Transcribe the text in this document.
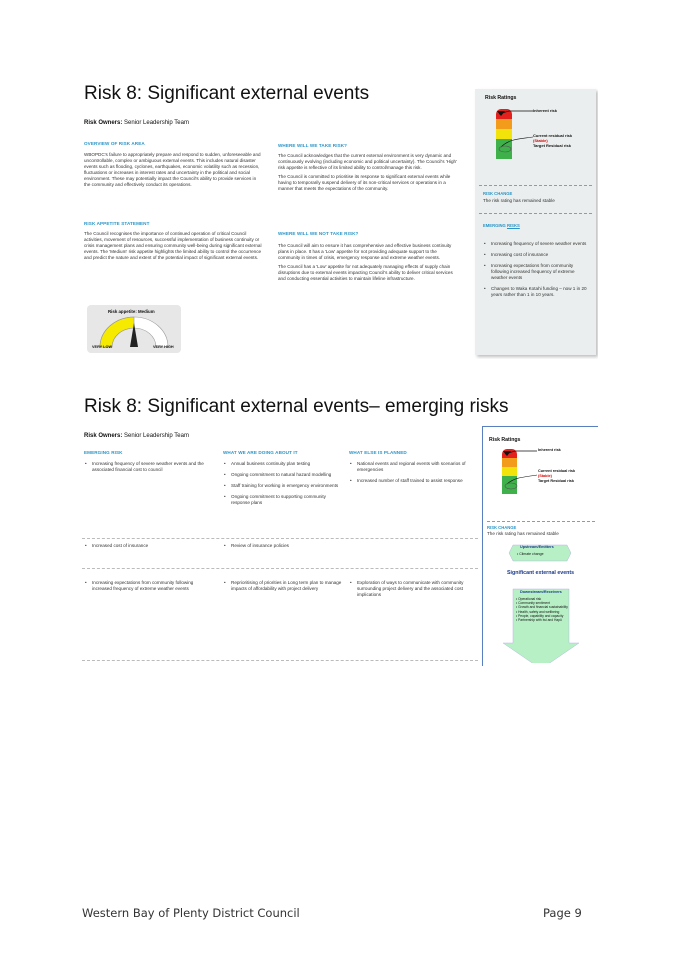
Risk 8: Significant external events
Risk Owners: Senior Leadership Team
OVERVIEW OF RISK AREA

WBOPDC's failure to appropriately prepare and respond to sudden, unforeseeable and uncontrollable, complex or ambiguous external events. This includes natural disaster events such as flooding, cyclones, earthquakes, economic volatility such as recession, fluctuations or increases in interest rates and uncertainty in the political and social environment. These may potentially impact the Council's ability to provide services in the community and effectively conduct its operations.

RISK APPETITE STATEMENT

The Council recognises the importance of continued operation of critical Council activities, movement of resources, successful implementation of business continuity or crisis management plans and ensuring community well-being during significant external events. The 'Medium' risk appetite highlights the limited ability to control the occurrence and predict the nature and extent of the potential impact of significant external events.

Risk appetite: Medium
VERY LOW	VERY HIGH
WHERE WILL WE TAKE RISK?

The Council acknowledges that the current external environment is very dynamic and continuously evolving (including economic and political uncertainty). The Council's 'High' risk appetite is reflective of its limited ability to control/manage this risk.

The Council is committed to prioritise its response to significant external events while having to temporarily suspend delivery of its non-critical services or operations in a manner that meets the expectations of the community.

WHERE WILL WE NOT TAKE RISK?

The Council will aim to ensure it has comprehensive and effective business continuity plans in place. It has a 'Low' appetite for not providing adequate support to the community in times of crisis, emergency response and extreme weather events.

The Council has a 'Low' appetite for not adequately managing effects of supply chain disruptions due to external events impacting Council's ability to deliver critical services and conducting essential activities to maintain lifeline infrastructure.

Risk Ratings
Inherent risk
Current residual risk
(Stable)
Target Residual risk
RISK CHANGE
The risk rating has remained stable
EMERGING RISKS
• Increasing frequency of severe weather events
• Increasing cost of insurance
• Increasing expectations from community following increased frequency of extreme weather events
• Changes to Waka Kotahi funding – now 1 in 20 years rather than 1 in 10 years.
Risk 8: Significant external events– emerging risks
Risk Owners: Senior Leadership Team
EMERGING RISK	WHAT WE ARE DOING ABOUT IT	WHAT ELSE IS PLANNED
• Increasing frequency of severe weather events and the associated financial cost to council
• Annual business continuity plan testing
• Ongoing commitment to natural hazard modelling
• Staff training for working in emergency environments
• Ongoing commitment to supporting community response plans
• National events and regional events with scenarios of emergencies
• Increased number of staff trained to assist response
• Increased cost of insurance
•	Review of insurance policies
• Increasing expectations from community following increased frequency of extreme weather events
• Reprioritising of priorities in Long term plan to manage impacts of affordability with project delivery
• Exploration of ways to communicate with community surrounding project delivery and the associated cost implications
Risk Ratings
Inherent risk
Current residual risk
(Stable)
Target Residual risk
RISK CHANGE
The risk rating has remained stable
Upstream/Emitters
• Climate change
Significant external events
Downstream/Receivers
• Operational risk
• Community sentiment
• Growth and financial sustainability
• Health, safety and wellbeing
• People, capability and capacity
• Partnership with Iwi and Hapū
Western Bay of Plenty District Council	Page 9
